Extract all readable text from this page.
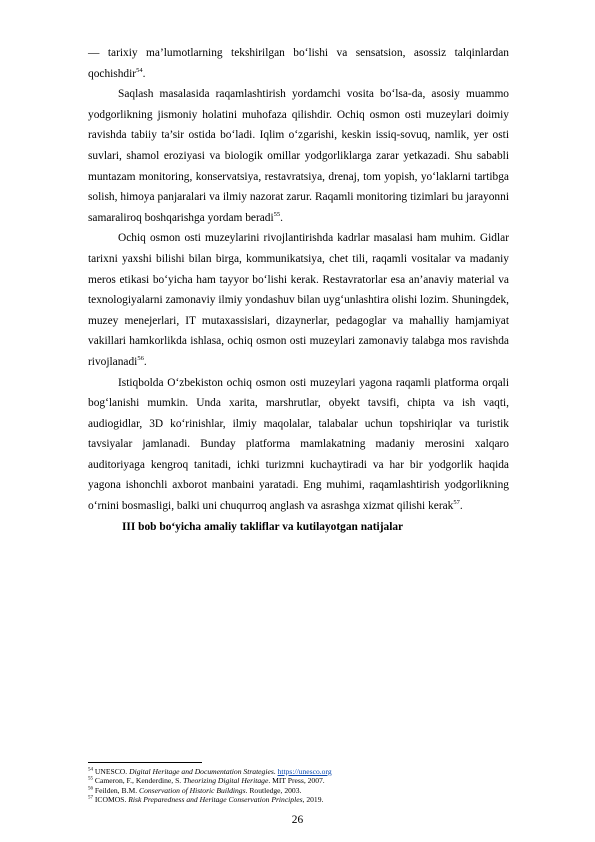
— tarixiy ma’lumotlarning tekshirilgan bo‘lishi va sensatsion, asossiz talqinlardan qochishdir$^{54}$.

Saqlash masalasida raqamlashtirish yordamchi vosita bo‘lsa-da, asosiy muammo yodgorlikning jismoniy holatini muhofaza qilishdir. Ochiq osmon osti muzeylari doimiy ravishda tabiiy ta’sir ostida bo‘ladi. Iqlim o‘zgarishi, keskin issiq-sovuq, namlik, yer osti suvlari, shamol eroziyasi va biologik omillar yodgorliklarga zarar yetkazadi. Shu sababli muntazam monitoring, konservatsiya, restavratsiya, drenaj, tom yopish, yo‘laklarni tartibga solish, himoya panjaralari va ilmiy nazorat zarur. Raqamli monitoring tizimlari bu jarayonni samaraliroq boshqarishga yordam beradi$^{55}$.

Ochiq osmon osti muzeylarini rivojlantirishda kadrlar masalasi ham muhim. Gidlar tarixni yaxshi bilishi bilan birga, kommunikatsiya, chet tili, raqamli vositalar va madaniy meros etikasi bo‘yicha ham tayyor bo‘lishi kerak. Restavratorlar esa an’anaviy material va texnologiyalarni zamonaviy ilmiy yondashuv bilan uyg‘unlashtira olishi lozim. Shuningdek, muzey menejerlari, IT mutaxassislari, dizaynerlar, pedagoglar va mahalliy hamjamiyat vakillari hamkorlikda ishlasa, ochiq osmon osti muzeylari zamonaviy talabga mos ravishda rivojlanadi$^{56}$.

Istiqbolda O‘zbekiston ochiq osmon osti muzeylari yagona raqamli platforma orqali bog‘lanishi mumkin. Unda xarita, marshrutlar, obyekt tavsifi, chipta va ish vaqti, audiogidlar, 3D ko‘rinishlar, ilmiy maqolalar, talabalar uchun topshiriqlar va turistik tavsiyalar jamlanadi. Bunday platforma mamlakatning madaniy merosini xalqaro auditoriyaga kengroq tanitadi, ichki turizmni kuchaytiradi va har bir yodgorlik haqida yagona ishonchli axborot manbaini yaratadi. Eng muhimi, raqamlashtirish yodgorlikning o‘rnini bosmasligi, balki uni chuqurroq anglash va asrashga xizmat qilishi kerak$^{57}$.

III bob bo‘yicha amaliy takliflar va kutilayotgan natijalar

$^{54}$ UNESCO. Digital Heritage and Documentation Strategies. https://unesco.org

$^{55}$ Cameron, F., Kenderdine, S. Theorizing Digital Heritage. MIT Press, 2007.

$^{56}$ Feilden, B.M. Conservation of Historic Buildings. Routledge, 2003.

$^{57}$ ICOMOS. Risk Preparedness and Heritage Conservation Principles, 2019.

26
